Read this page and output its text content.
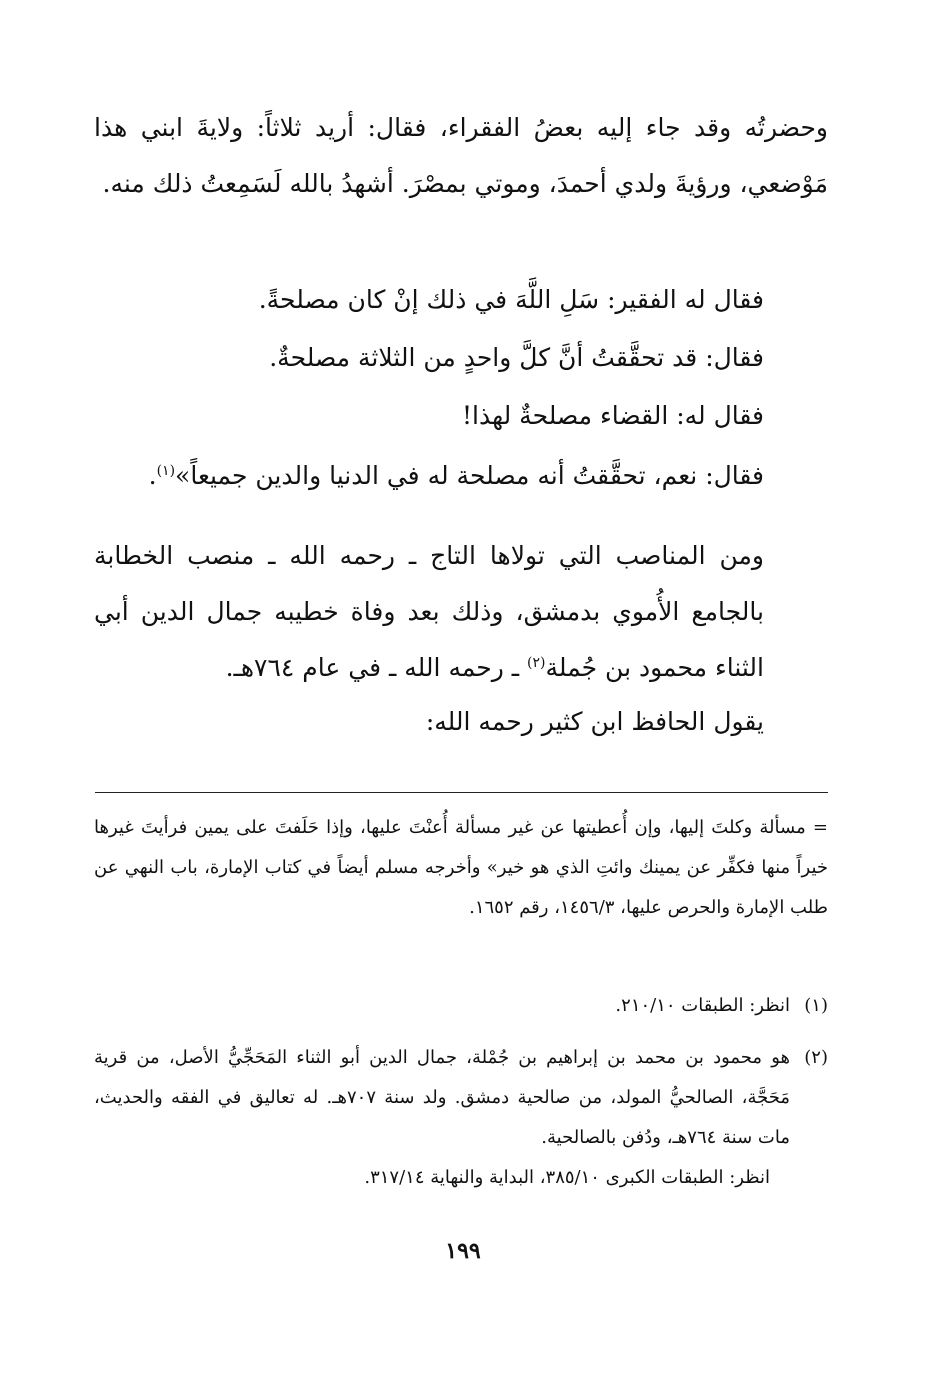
وحضرتُه وقد جاء إليه بعضُ الفقراء، فقال: أريد ثلاثاً: ولايةَ ابني هذا مَوْضعي، ورؤيةَ ولدي أحمدَ، وموتي بمصْرَ. أشهدُ بالله لَسَمِعتُ ذلك منه.

فقال له الفقير: سَلِ اللَّهَ في ذلك إنْ كان مصلحةً.

فقال: قد تحقَّقتُ أنَّ كلَّ واحدٍ من الثلاثة مصلحةٌ.

فقال له: القضاء مصلحةٌ لهذا!

فقال: نعم، تحقَّقتُ أنه مصلحة له في الدنيا والدين جميعاً»$^{(١)}$.

ومن المناصب التي تولاها التاج ـ رحمه الله ـ منصب الخطابة بالجامع الأُموي بدمشق، وذلك بعد وفاة خطيبه جمال الدين أبي الثناء محمود بن جُملة$^{(٢)}$ ـ رحمه الله ـ في عام ٧٦٤هـ.

يقول الحافظ ابن كثير رحمه الله:

= مسألة وكلتَ إليها، وإن أُعطيتها عن غير مسألة أُعنْتَ عليها، وإذا حَلَفتَ على يمين فرأيتَ غيرها خيراً منها فكفِّر عن يمينك وائتِ الذي هو خير» وأخرجه مسلم أيضاً في كتاب الإمارة، باب النهي عن طلب الإمارة والحرص عليها، ١٤٥٦/٣، رقم ١٦٥٢.

(١)

انظر: الطبقات ٢١٠/١٠.

(٢)

هو محمود بن محمد بن إبراهيم بن جُمْلة، جمال الدين أبو الثناء المَحَجِّيُّ الأصل، من قرية مَحَجَّة، الصالحيُّ المولد، من صالحية دمشق. ولد سنة ٧٠٧هـ. له تعاليق في الفقه والحديث، مات سنة ٧٦٤هـ، ودُفن بالصالحية.

انظر: الطبقات الكبرى ٣٨٥/١٠، البداية والنهاية ٣١٧/١٤.

١٩٩
